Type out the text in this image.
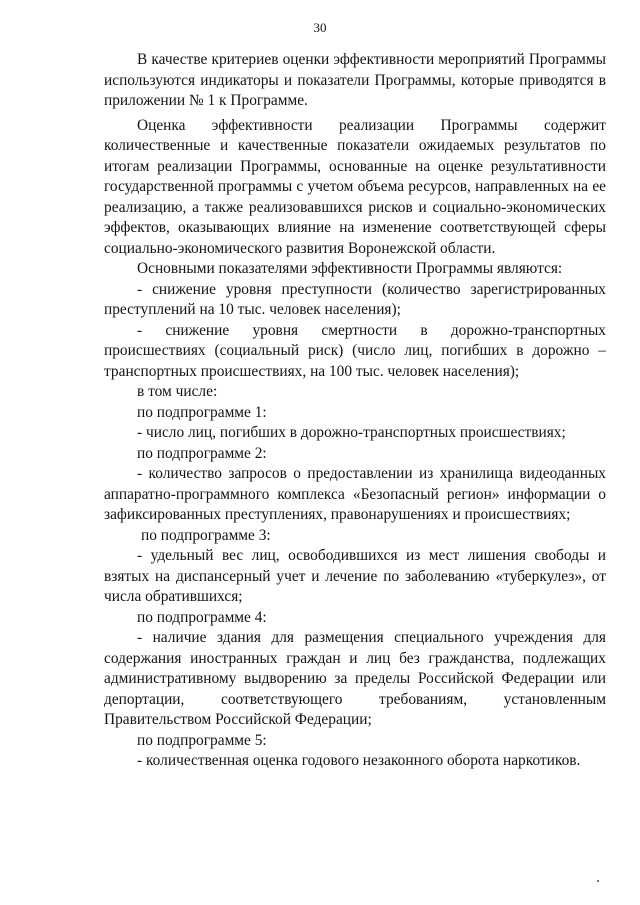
30

В качестве критериев оценки эффективности мероприятий Программы используются индикаторы и показатели Программы, которые приводятся в приложении № 1 к Программе.

Оценка эффективности реализации Программы содержит количественные и качественные показатели ожидаемых результатов по итогам реализации Программы, основанные на оценке результативности государственной программы с учетом объема ресурсов, направленных на ее реализацию, а также реализовавшихся рисков и социально-экономических эффектов, оказывающих влияние на изменение соответствующей сферы социально-экономического развития Воронежской области.

Основными показателями эффективности Программы являются:

- снижение уровня преступности (количество зарегистрированных преступлений на 10 тыс. человек населения);

- снижение уровня смертности в дорожно-транспортных происшествиях (социальный риск) (число лиц, погибших в дорожно – транспортных происшествиях, на 100 тыс. человек населения);

в том числе:

по подпрограмме 1:

- число лиц, погибших в дорожно-транспортных происшествиях;

по подпрограмме 2:

- количество запросов о предоставлении из хранилища видеоданных аппаратно-программного комплекса «Безопасный регион» информации о зафиксированных преступлениях, правонарушениях и происшествиях;

по подпрограмме 3:

- удельный вес лиц, освободившихся из мест лишения свободы и взятых на диспансерный учет и лечение по заболеванию «туберкулез», от числа обратившихся;

по подпрограмме 4:

- наличие здания для размещения специального учреждения для содержания иностранных граждан и лиц без гражданства, подлежащих административному выдворению за пределы Российской Федерации или депортации, соответствующего требованиям, установленным Правительством Российской Федерации;

по подпрограмме 5:

- количественная оценка годового незаконного оборота наркотиков.
